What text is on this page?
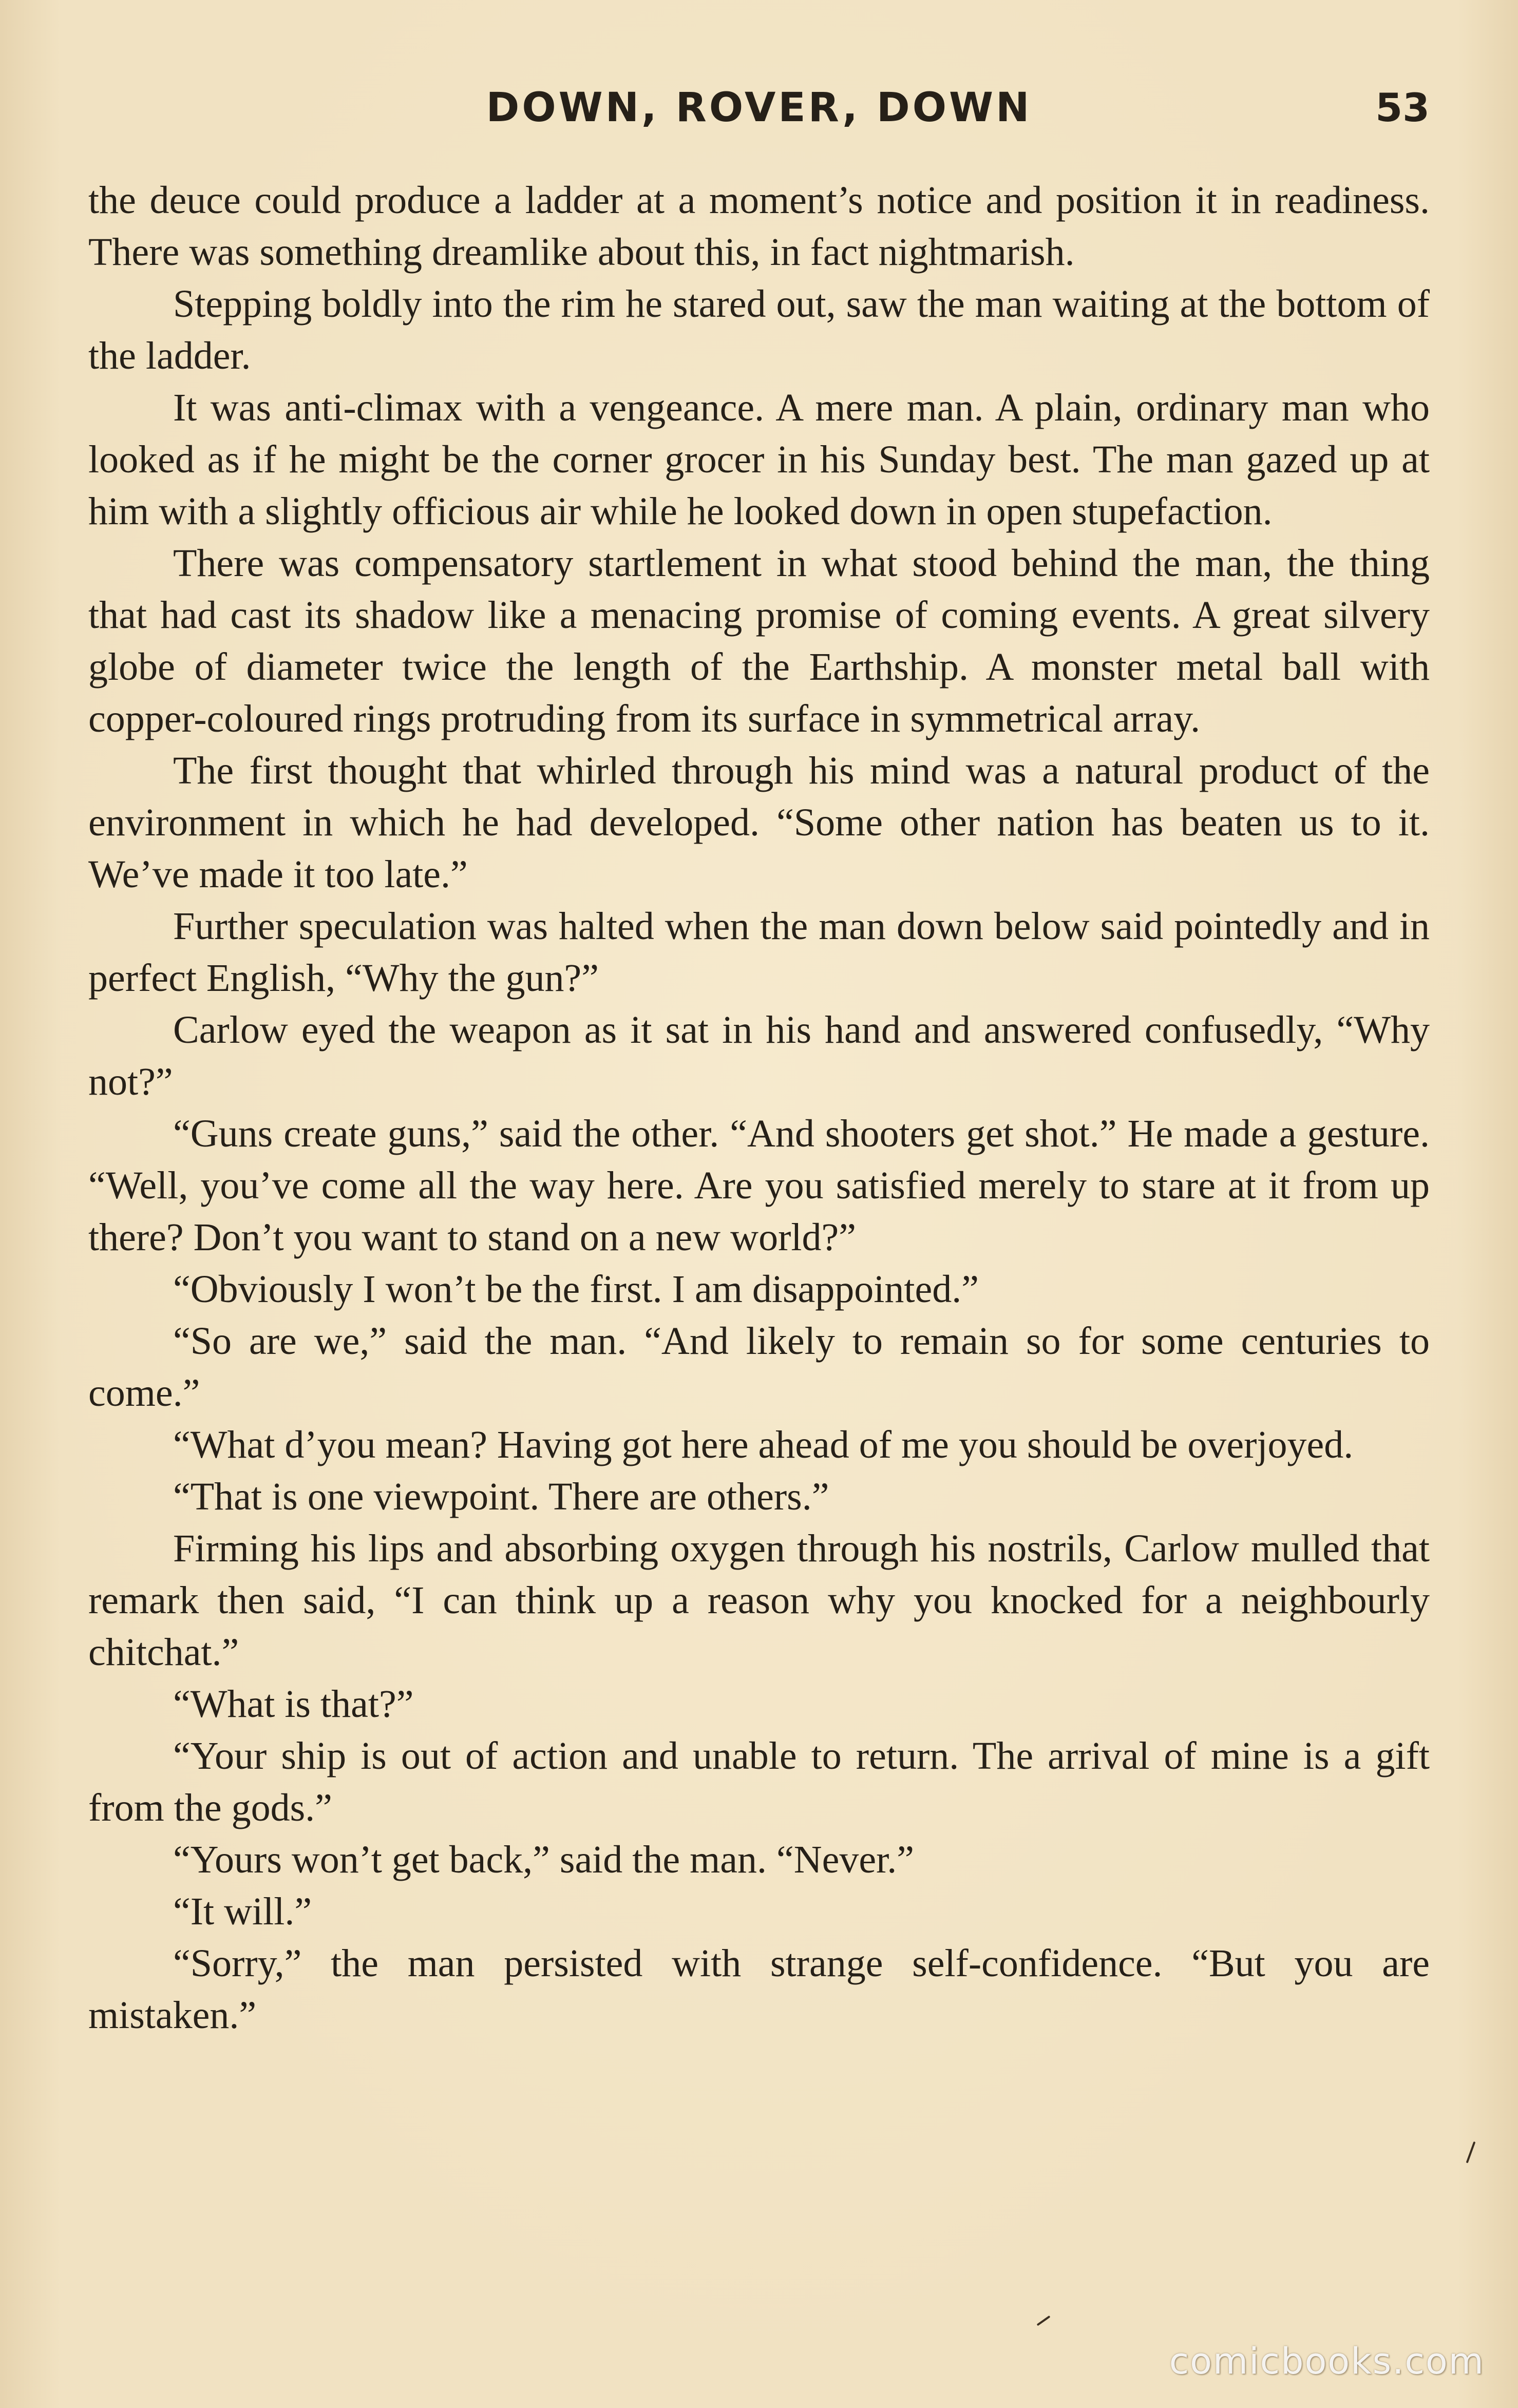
DOWN, ROVER, DOWN	53

the deuce could produce a ladder at a moment’s notice and position it in readiness. There was something dreamlike about this, in fact nightmarish.

Stepping boldly into the rim he stared out, saw the man waiting at the bottom of the ladder.

It was anti-climax with a vengeance. A mere man. A plain, ordinary man who looked as if he might be the corner grocer in his Sunday best. The man gazed up at him with a slightly officious air while he looked down in open stupefaction.

There was compensatory startlement in what stood behind the man, the thing that had cast its shadow like a menacing promise of coming events. A great silvery globe of diameter twice the length of the Earthship. A monster metal ball with copper-coloured rings protruding from its surface in symmetrical array.

The first thought that whirled through his mind was a natural product of the environment in which he had developed. “Some other nation has beaten us to it. We’ve made it too late.”

Further speculation was halted when the man down below said pointedly and in perfect English, “Why the gun?”

Carlow eyed the weapon as it sat in his hand and answered confusedly, “Why not?”

“Guns create guns,” said the other. “And shooters get shot.” He made a gesture. “Well, you’ve come all the way here. Are you satisfied merely to stare at it from up there? Don’t you want to stand on a new world?”

“Obviously I won’t be the first. I am disappointed.”

“So are we,” said the man. “And likely to remain so for some centuries to come.”

“What d’you mean? Having got here ahead of me you should be overjoyed.

“That is one viewpoint. There are others.”

Firming his lips and absorbing oxygen through his nostrils, Carlow mulled that remark then said, “I can think up a reason why you knocked for a neighbourly chitchat.”

“What is that?”

“Your ship is out of action and unable to return. The arrival of mine is a gift from the gods.”

“Yours won’t get back,” said the man. “Never.”

“It will.”

“Sorry,” the man persisted with strange self-confidence. “But you are mistaken.”

comicbooks.com
